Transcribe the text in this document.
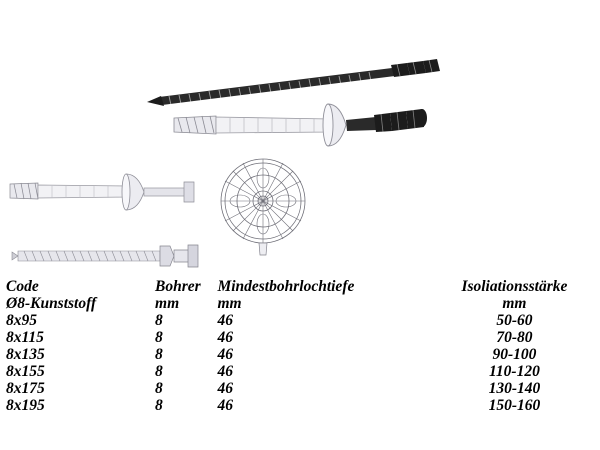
Code	Bohrer	Mindestbohrlochtiefe	Isoliationsstärke
Ø8-Kunststoff	mm	mm	mm
8x95	8	46	50-60
8x115	8	46	70-80
8x135	8	46	90-100
8x155	8	46	110-120
8x175	8	46	130-140
8x195	8	46	150-160
